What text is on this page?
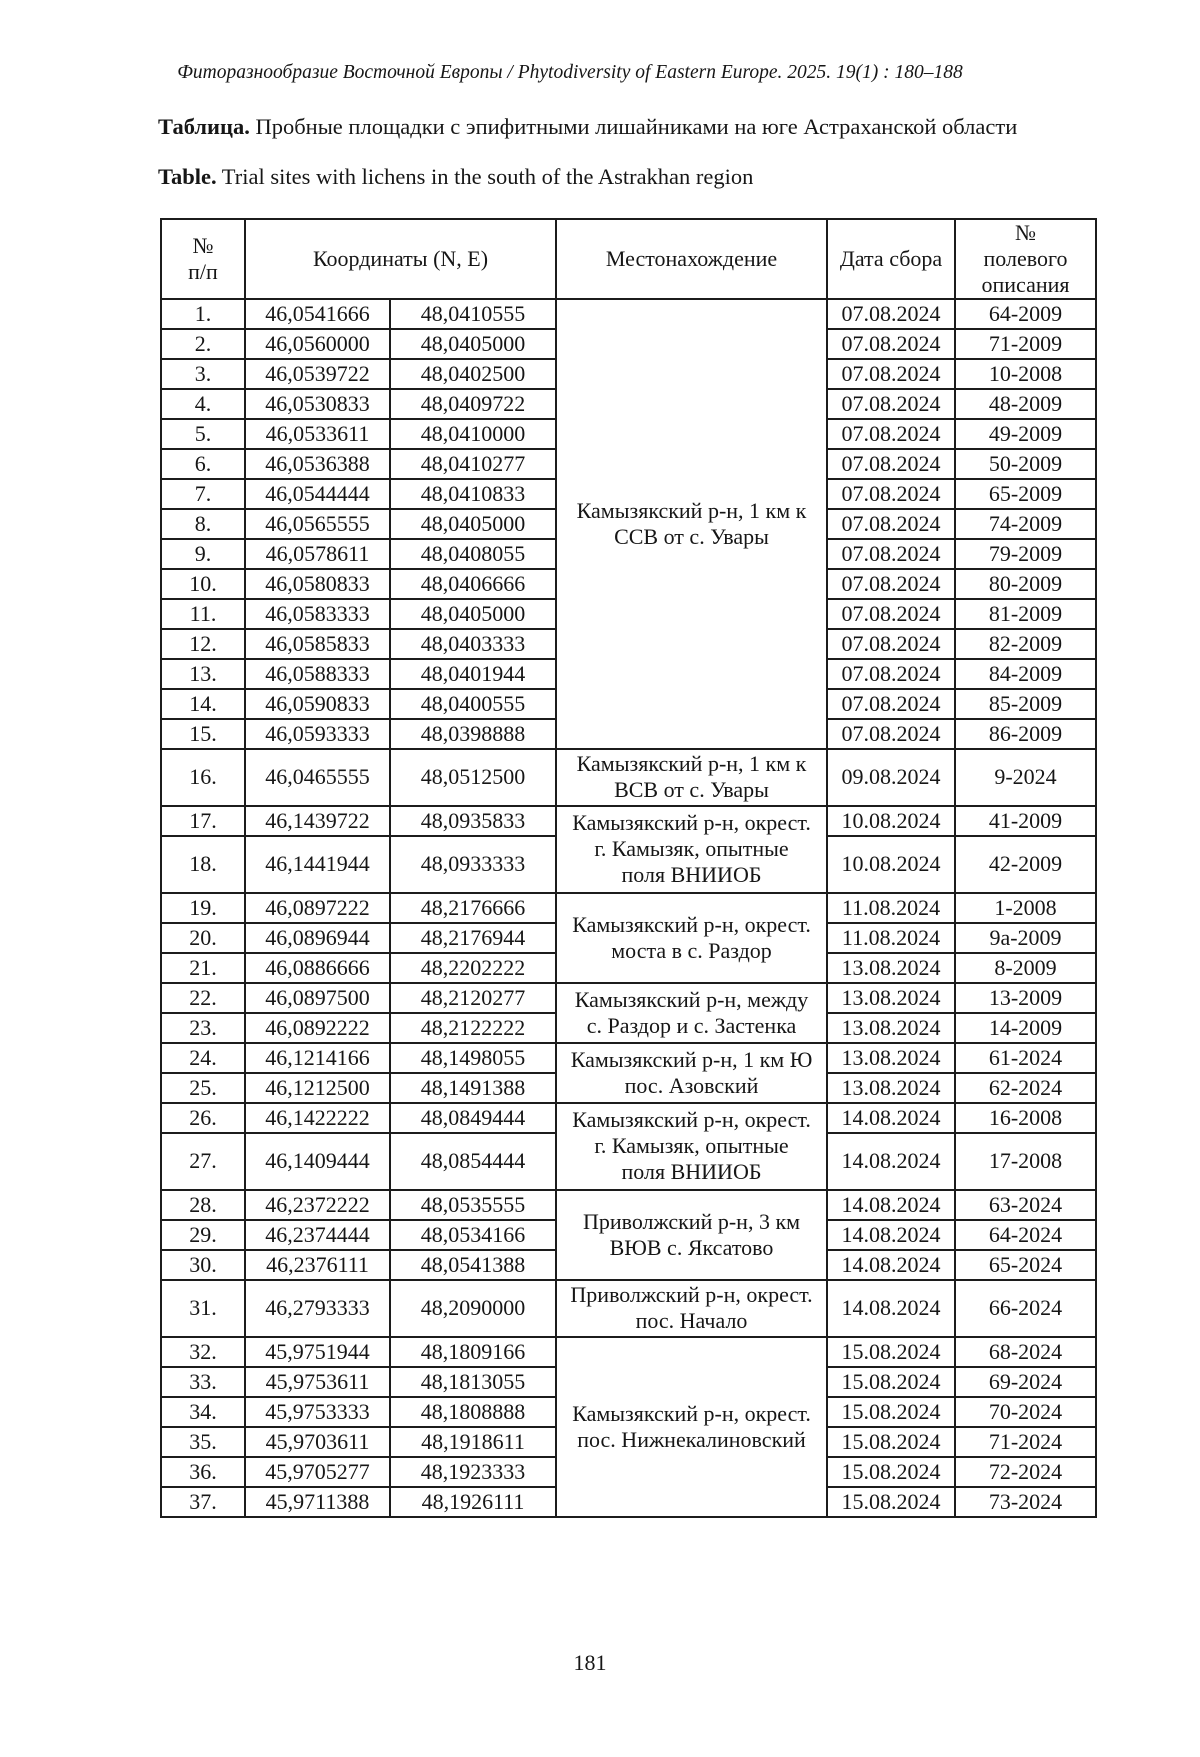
Фиторазнообразие Восточной Европы / Phytodiversity of Eastern Europe. 2025. 19(1) : 180–188
Таблица. Пробные площадки с эпифитными лишайниками на юге Астраханской области
Table. Trial sites with lichens in the south of the Astrakhan region
№
п/п	Координаты (N, E)		Местонахождение	Дата сбора	№
полевого
описания
1.	46,0541666	48,0410555	Камызякский р-н, 1 км к
ССВ от с. Увары	07.08.2024	64-2009
2.	46,0560000	48,0405000		07.08.2024	71-2009
3.	46,0539722	48,0402500		07.08.2024	10-2008
4.	46,0530833	48,0409722		07.08.2024	48-2009
5.	46,0533611	48,0410000		07.08.2024	49-2009
6.	46,0536388	48,0410277		07.08.2024	50-2009
7.	46,0544444	48,0410833		07.08.2024	65-2009
8.	46,0565555	48,0405000		07.08.2024	74-2009
9.	46,0578611	48,0408055		07.08.2024	79-2009
10.	46,0580833	48,0406666		07.08.2024	80-2009
11.	46,0583333	48,0405000		07.08.2024	81-2009
12.	46,0585833	48,0403333		07.08.2024	82-2009
13.	46,0588333	48,0401944		07.08.2024	84-2009
14.	46,0590833	48,0400555		07.08.2024	85-2009
15.	46,0593333	48,0398888		07.08.2024	86-2009
16.	46,0465555	48,0512500	Камызякский р-н, 1 км к
ВСВ от с. Увары	09.08.2024	9-2024
17.	46,1439722	48,0935833	Камызякский р-н, окрест.
г. Камызяк, опытные
поля ВНИИОБ	10.08.2024	41-2009
18.	46,1441944	48,0933333		10.08.2024	42-2009
19.	46,0897222	48,2176666	Камызякский р-н, окрест.
моста в с. Раздор	11.08.2024	1-2008
20.	46,0896944	48,2176944		11.08.2024	9а-2009
21.	46,0886666	48,2202222		13.08.2024	8-2009
22.	46,0897500	48,2120277	Камызякский р-н, между
с. Раздор и с. Застенка	13.08.2024	13-2009
23.	46,0892222	48,2122222		13.08.2024	14-2009
24.	46,1214166	48,1498055	Камызякский р-н, 1 км Ю
пос. Азовский	13.08.2024	61-2024
25.	46,1212500	48,1491388		13.08.2024	62-2024
26.	46,1422222	48,0849444	Камызякский р-н, окрест.
г. Камызяк, опытные
поля ВНИИОБ	14.08.2024	16-2008
27.	46,1409444	48,0854444		14.08.2024	17-2008
28.	46,2372222	48,0535555	Приволжский р-н, 3 км
ВЮВ с. Яксатово	14.08.2024	63-2024
29.	46,2374444	48,0534166		14.08.2024	64-2024
30.	46,2376111	48,0541388		14.08.2024	65-2024
31.	46,2793333	48,2090000	Приволжский р-н, окрест.
пос. Начало	14.08.2024	66-2024
32.	45,9751944	48,1809166	Камызякский р-н, окрест.
пос. Нижнекалиновский	15.08.2024	68-2024
33.	45,9753611	48,1813055		15.08.2024	69-2024
34.	45,9753333	48,1808888		15.08.2024	70-2024
35.	45,9703611	48,1918611		15.08.2024	71-2024
36.	45,9705277	48,1923333		15.08.2024	72-2024
37.	45,9711388	48,1926111		15.08.2024	73-2024
181
